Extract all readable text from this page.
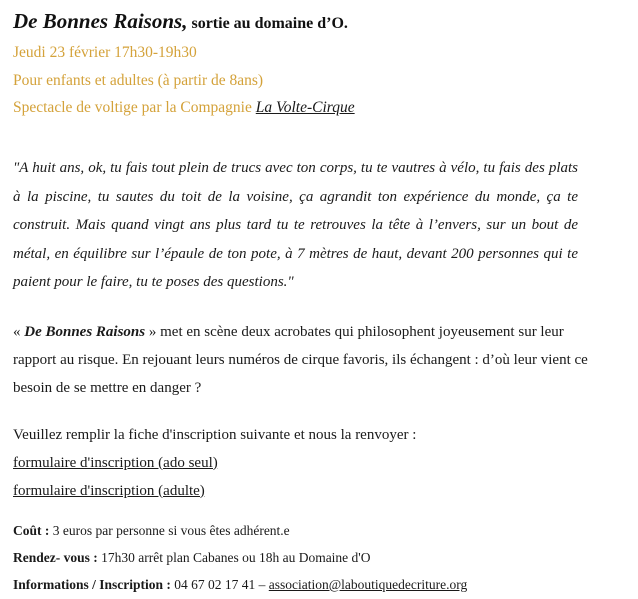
De Bonnes Raisons, sortie au domaine d’O.

Jeudi 23 février 17h30-19h30

Pour enfants et adultes (à partir de 8ans)

Spectacle de voltige par la Compagnie La Volte-Cirque

"A huit ans, ok, tu fais tout plein de trucs avec ton corps, tu te vautres à vélo, tu fais des plats à la piscine, tu sautes du toit de la voisine, ça agrandit ton expérience du monde, ça te construit. Mais quand vingt ans plus tard tu te retrouves la tête à l’envers, sur un bout de métal, en équilibre sur l’épaule de ton pote, à 7 mètres de haut, devant 200 personnes qui te paient pour le faire, tu te poses des questions."

« De Bonnes Raisons » met en scène deux acrobates qui philosophent joyeusement sur leur rapport au risque. En rejouant leurs numéros de cirque favoris, ils échangent : d’où leur vient ce besoin de se mettre en danger ?

Veuillez remplir la fiche d'inscription suivante et nous la renvoyer :

formulaire d'inscription (ado seul)

formulaire d'inscription (adulte)

Coût : 3 euros par personne si vous êtes adhérent.e

Rendez- vous : 17h30 arrêt plan Cabanes ou 18h au Domaine d'O

Informations / Inscription : 04 67 02 17 41 – association@laboutiquedecriture.org
